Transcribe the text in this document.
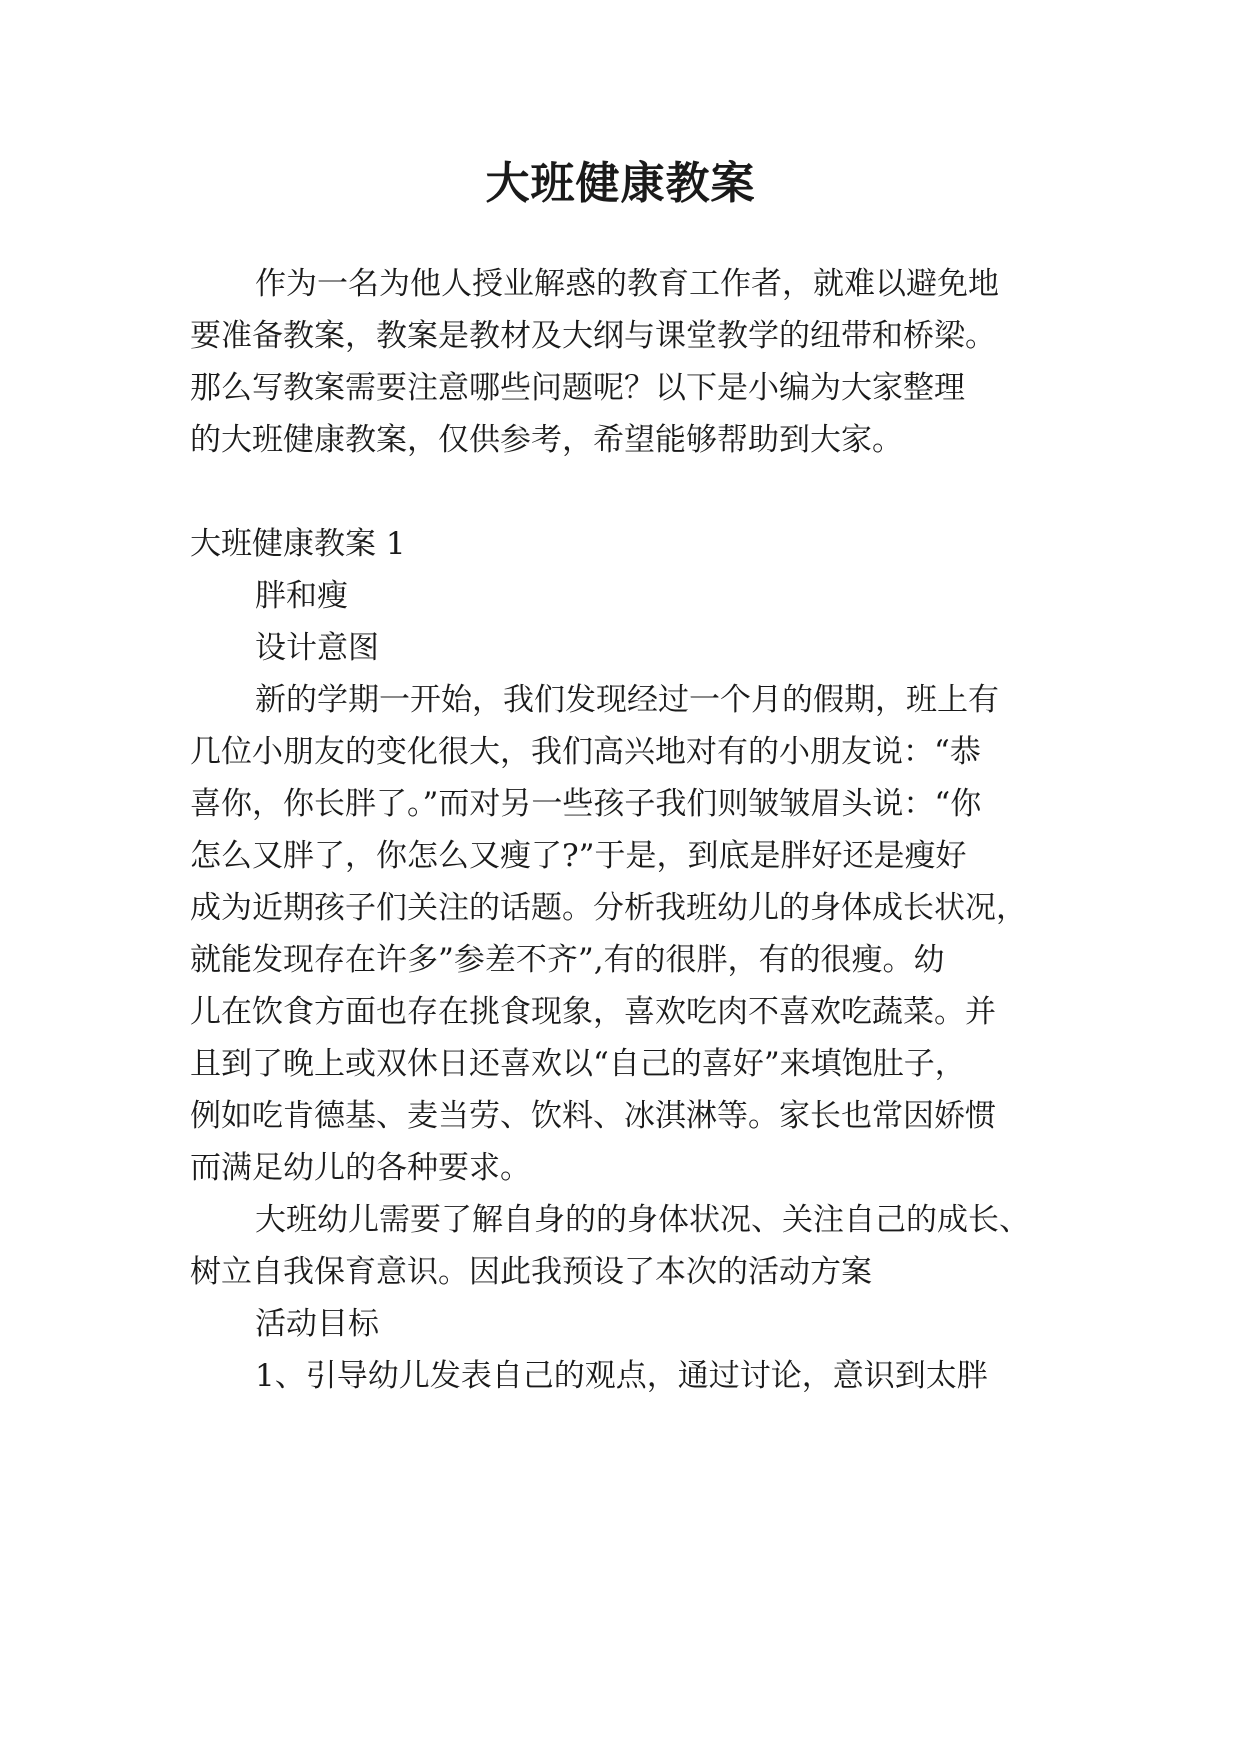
大班健康教案

作为一名为他人授业解惑的教育工作者，就难以避免地

要准备教案，教案是教材及大纲与课堂教学的纽带和桥梁。

那么写教案需要注意哪些问题呢？以下是小编为大家整理

的大班健康教案，仅供参考，希望能够帮助到大家。

大班健康教案 1

胖和瘦

设计意图

新的学期一开始，我们发现经过一个月的假期，班上有

几位小朋友的变化很大，我们高兴地对有的小朋友说：“恭

喜你，你长胖了。”而对另一些孩子我们则皱皱眉头说：“你

怎么又胖了，你怎么又瘦了?”于是，到底是胖好还是瘦好

成为近期孩子们关注的话题。分析我班幼儿的身体成长状况，

就能发现存在许多”参差不齐”,有的很胖，有的很瘦。幼

儿在饮食方面也存在挑食现象，喜欢吃肉不喜欢吃蔬菜。并

且到了晚上或双休日还喜欢以“自己的喜好”来填饱肚子，

例如吃肯德基、麦当劳、饮料、冰淇淋等。家长也常因娇惯

而满足幼儿的各种要求。

大班幼儿需要了解自身的的身体状况、关注自己的成长、

树立自我保育意识。因此我预设了本次的活动方案

活动目标

1、引导幼儿发表自己的观点，通过讨论，意识到太胖
